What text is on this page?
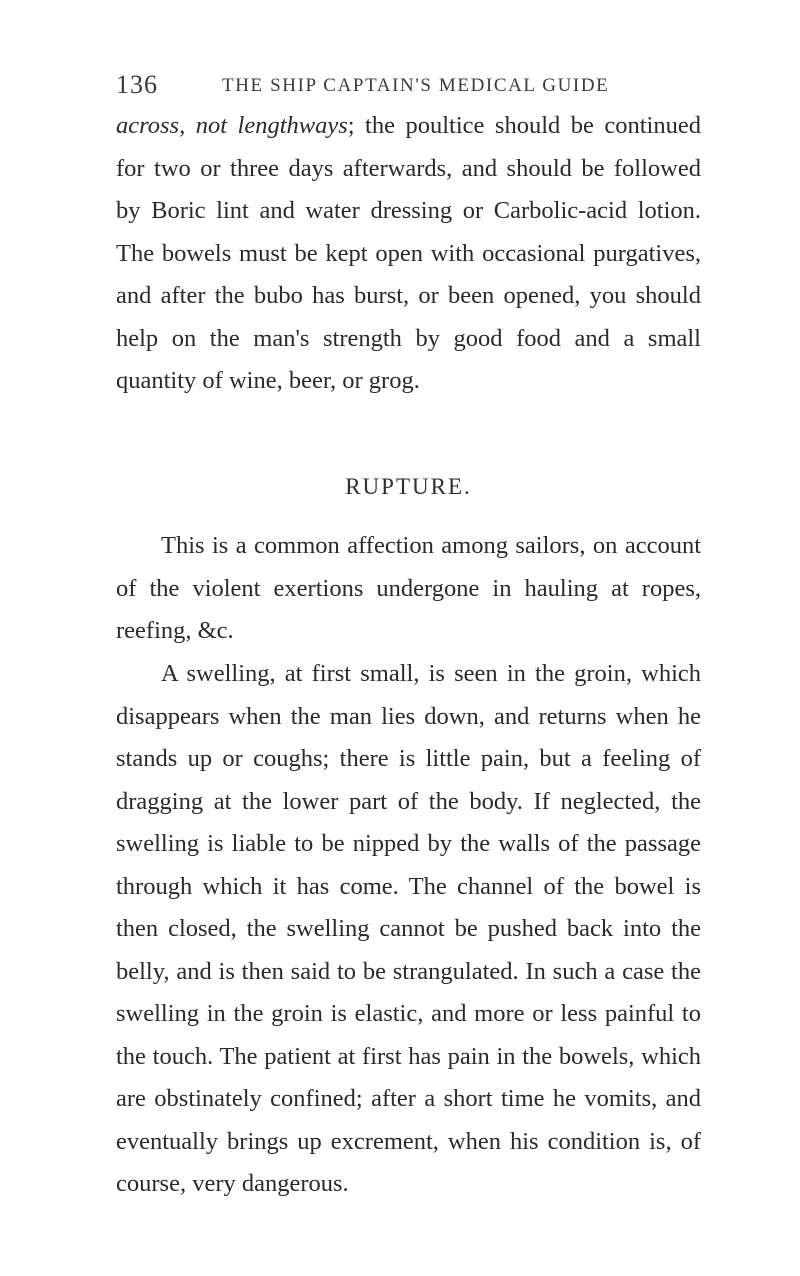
136	THE SHIP CAPTAIN'S MEDICAL GUIDE

across, not lengthways; the poultice should be continued for two or three days afterwards, and should be followed by Boric lint and water dressing or Carbolic-acid lotion. The bowels must be kept open with occasional purgatives, and after the bubo has burst, or been opened, you should help on the man's strength by good food and a small quantity of wine, beer, or grog.

RUPTURE.

This is a common affection among sailors, on account of the violent exertions undergone in hauling at ropes, reefing, &c.

A swelling, at first small, is seen in the groin, which disappears when the man lies down, and returns when he stands up or coughs; there is little pain, but a feeling of dragging at the lower part of the body. If neglected, the swelling is liable to be nipped by the walls of the passage through which it has come. The channel of the bowel is then closed, the swelling cannot be pushed back into the belly, and is then said to be strangulated. In such a case the swelling in the groin is elastic, and more or less painful to the touch. The patient at first has pain in the bowels, which are obstinately confined; after a short time he vomits, and eventually brings up excrement, when his condition is, of course, very dangerous.
